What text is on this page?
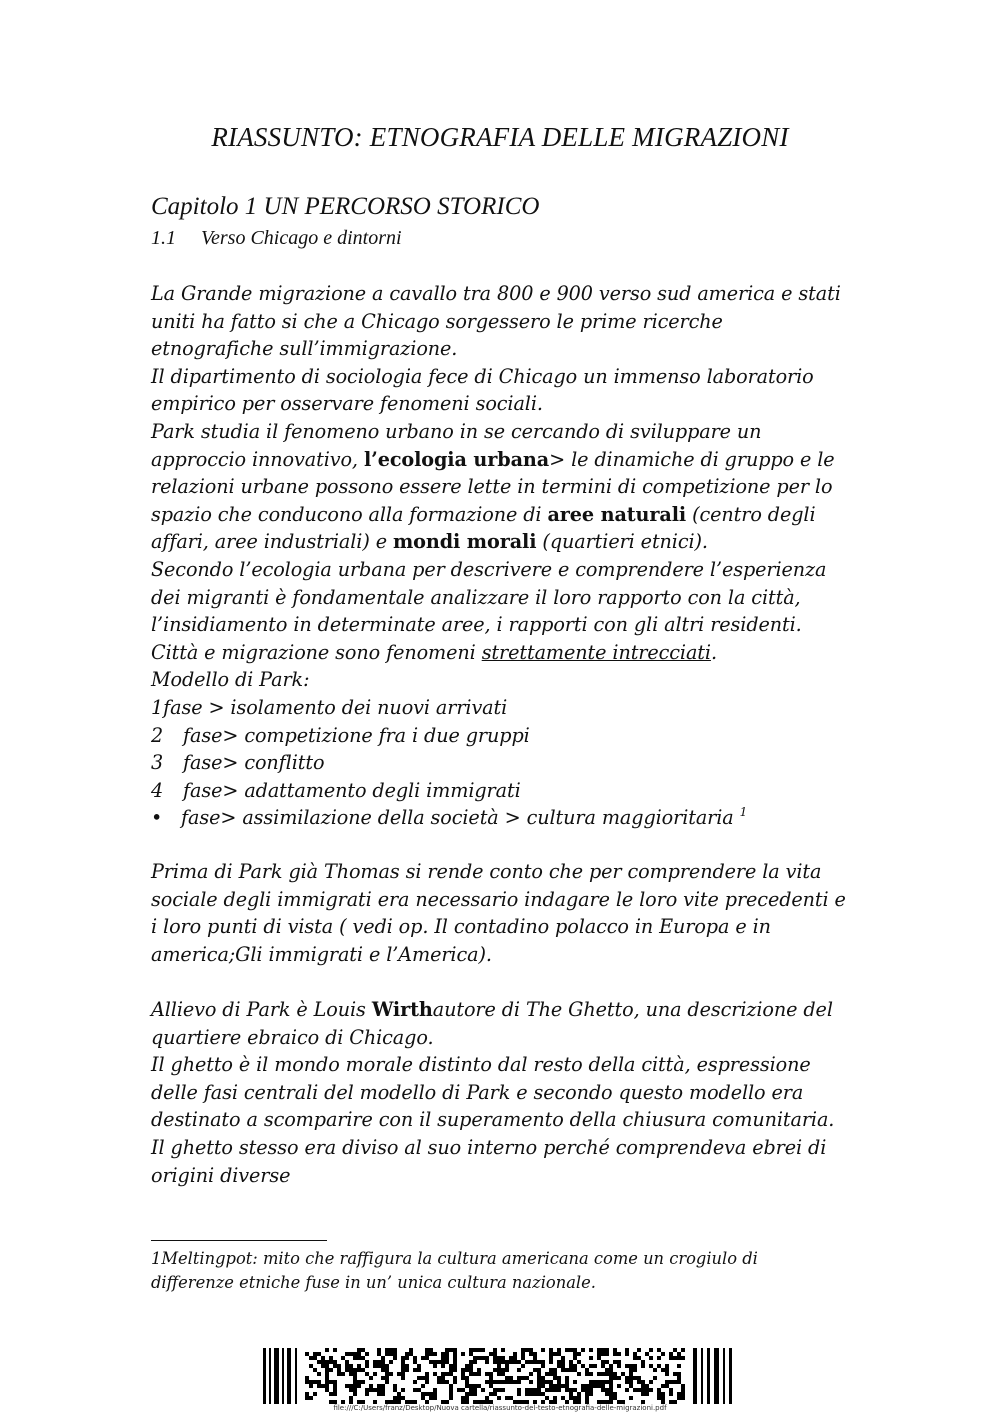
RIASSUNTO: ETNOGRAFIA DELLE MIGRAZIONI
Capitolo 1 UN PERCORSO STORICO
1.1 Verso Chicago e dintorni

La Grande migrazione a cavallo tra 800 e 900 verso sud america e stati
uniti ha fatto si che a Chicago sorgessero le prime ricerche
etnografiche sull’immigrazione.

Il dipartimento di sociologia fece di Chicago un immenso laboratorio
empirico per osservare fenomeni sociali.

Park studia il fenomeno urbano in se cercando di sviluppare un
approccio innovativo, l’ecologia urbana> le dinamiche di gruppo e le
relazioni urbane possono essere lette in termini di competizione per lo
spazio che conducono alla formazione di aree naturali (centro degli
affari, aree industriali) e mondi morali (quartieri etnici).

Secondo l’ecologia urbana per descrivere e comprendere l’esperienza
dei migranti è fondamentale analizzare il loro rapporto con la città,
l’insidiamento in determinate aree, i rapporti con gli altri residenti.

Città e migrazione sono fenomeni strettamente intrecciati.

Modello di Park:

1fase > isolamento dei nuovi arrivati

2	fase> competizione fra i due gruppi
3	fase> conflitto
4	fase> adattamento degli immigrati
• fase> assimilazione della società > cultura maggioritaria $^1$

Prima di Park già Thomas si rende conto che per comprendere la vita
sociale degli immigrati era necessario indagare le loro vite precedenti e
i loro punti di vista ( vedi op. Il contadino polacco in Europa e in
america;Gli immigrati e l’America).

Allievo di Park è Louis Wirthautore di The Ghetto, una descrizione del
quartiere ebraico di Chicago.

Il ghetto è il mondo morale distinto dal resto della città, espressione
delle fasi centrali del modello di Park e secondo questo modello era
destinato a scomparire con il superamento della chiusura comunitaria.
Il ghetto stesso era diviso al suo interno perché comprendeva ebrei di
origini diverse

1Meltingpot: mito che raffigura la cultura americana come un crogiulo di
differenze etniche fuse in un’ unica cultura nazionale.
file:///C:/Users/franz/Desktop/Nuova cartella/riassunto-del-testo-etnografia-delle-migrazioni.pdf
